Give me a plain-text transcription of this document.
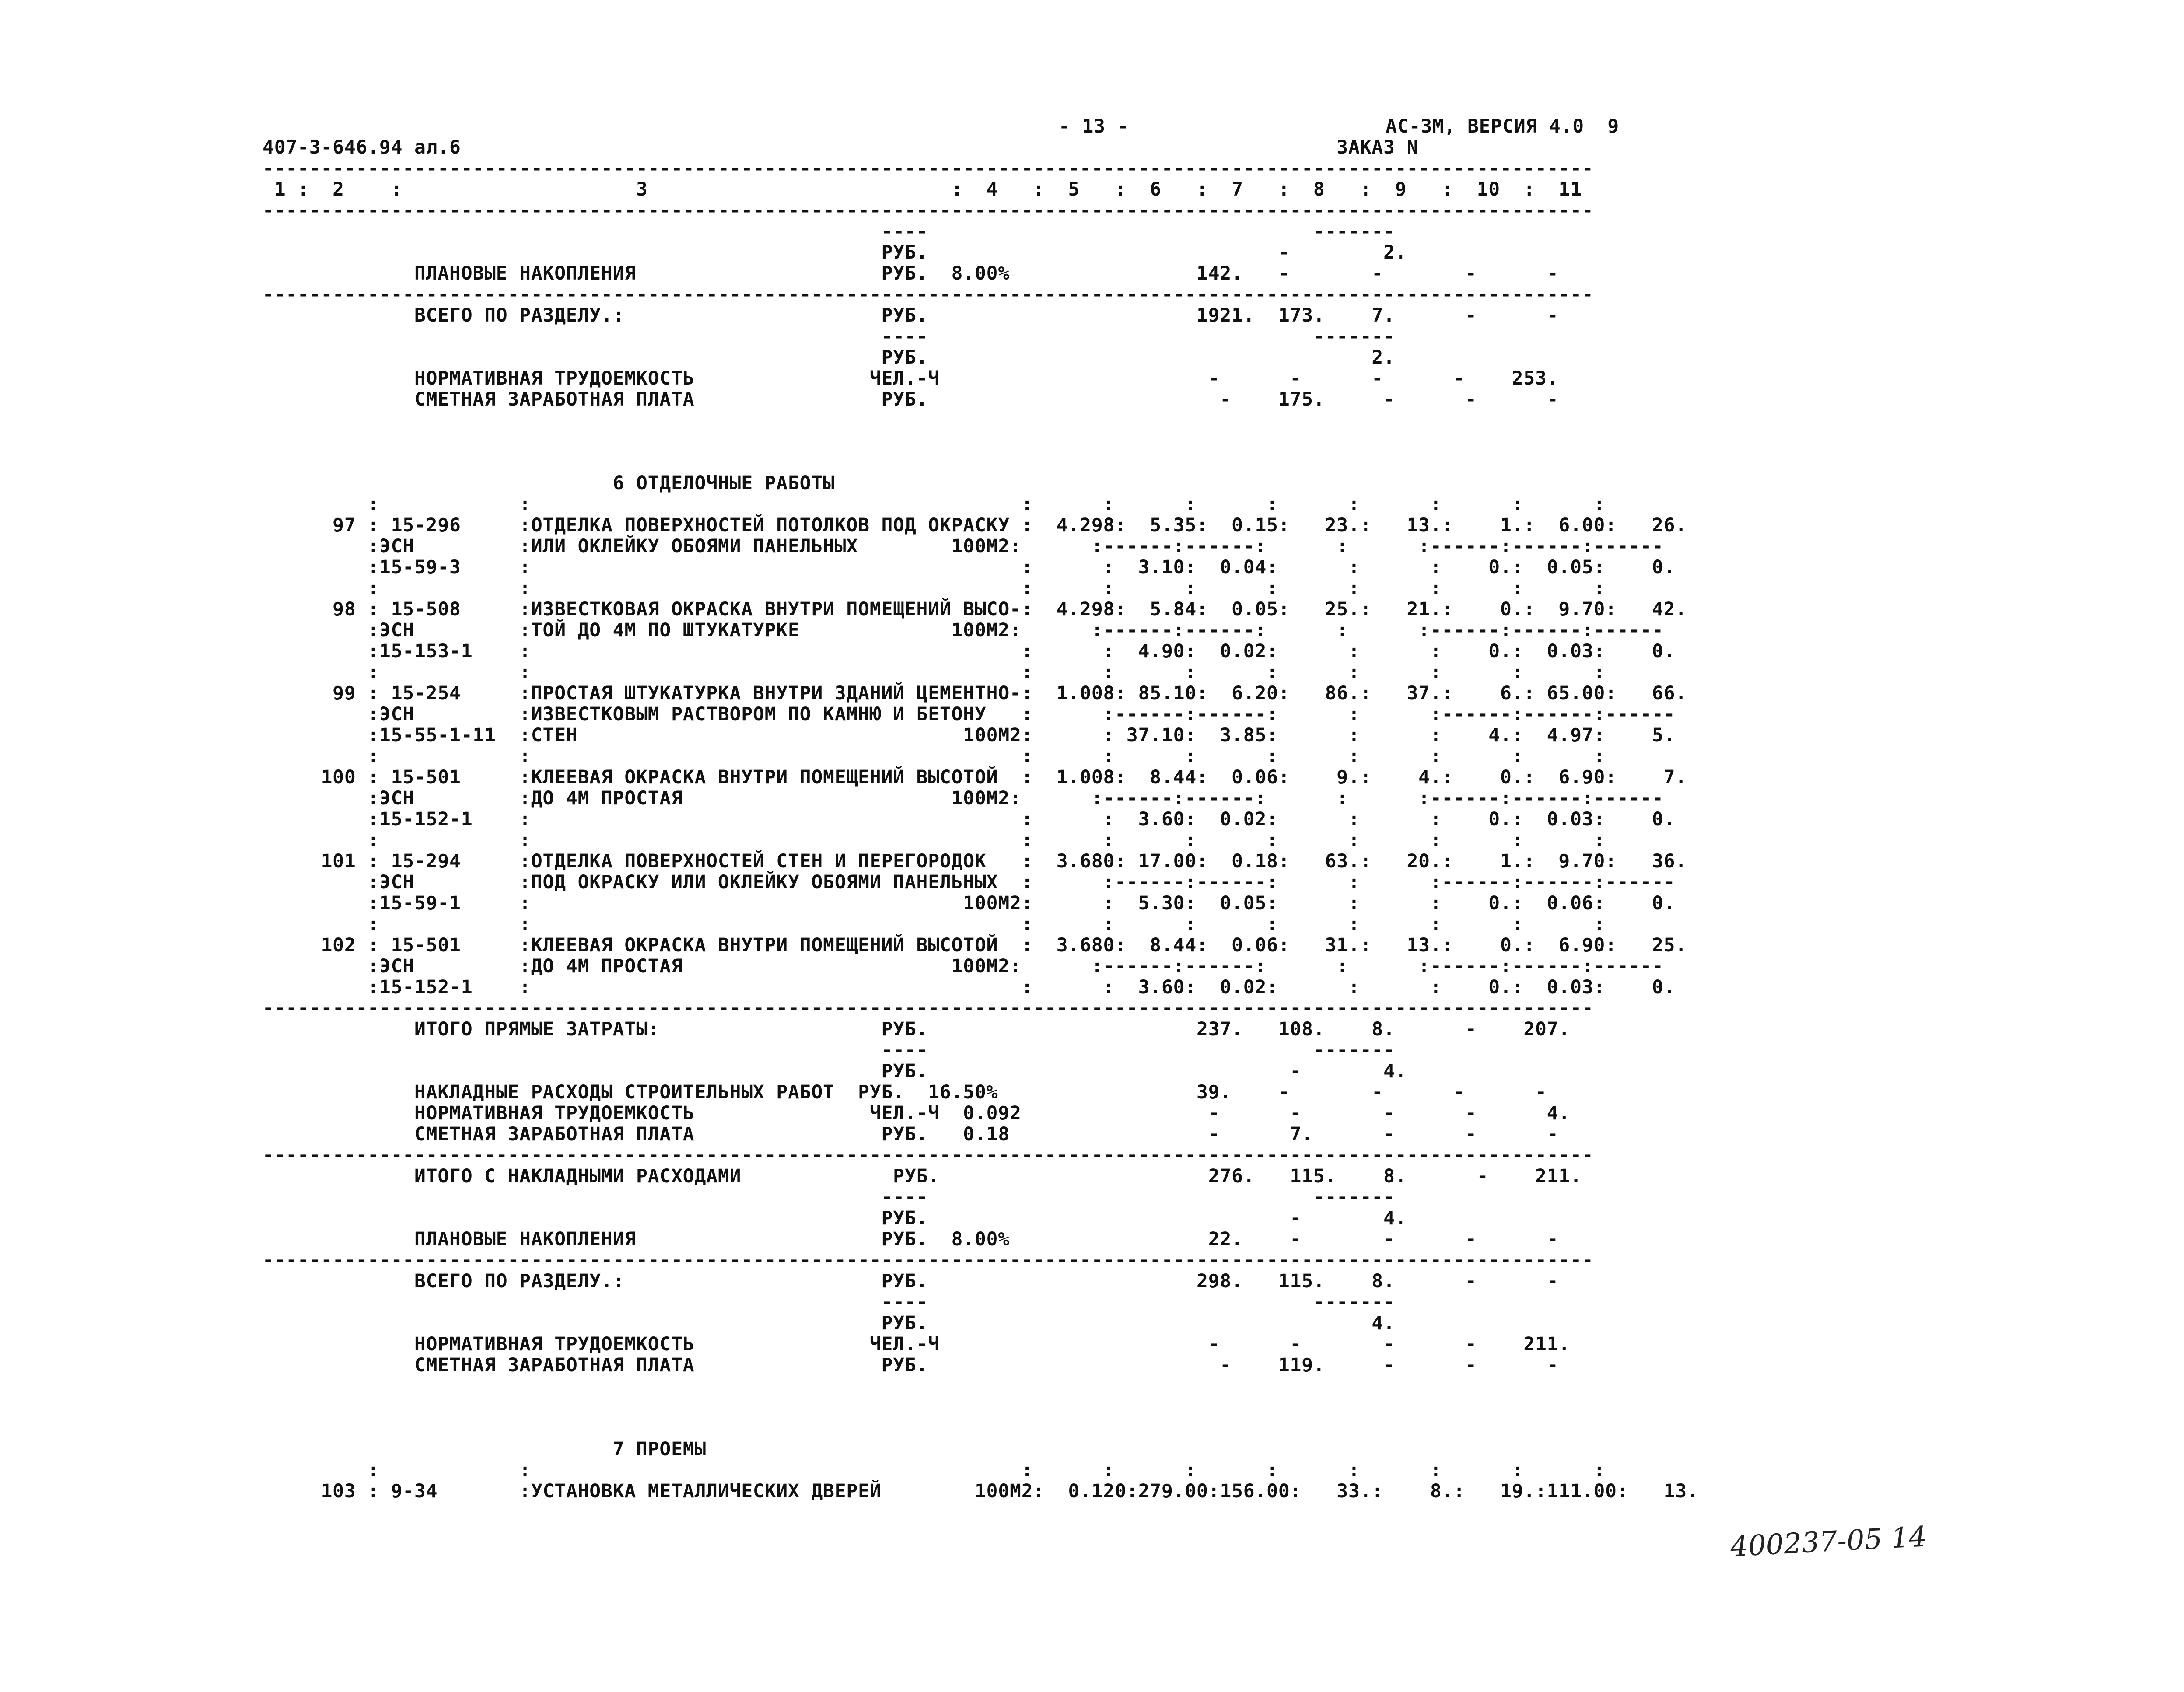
- 13 -                      АС-3М, ВЕРСИЯ 4.0  9
407-3-646.94 ал.6                                                                           ЗАКАЗ N
------------------------------------------------------------------------------------------------------------------
1 :  2    :                    3                          :  4   :  5   :  6   :  7   :  8   :  9   :  10  :  11
------------------------------------------------------------------------------------------------------------------
----                                 -------
РУБ.                              -        2.
ПЛАНОВЫЕ НАКОПЛЕНИЯ                     РУБ.  8.00%                142.   -       -       -      -
------------------------------------------------------------------------------------------------------------------
ВСЕГО ПО РАЗДЕЛУ.:                      РУБ.                       1921.  173.    7.      -      -
----                                 -------
РУБ.                                      2.
НОРМАТИВНАЯ ТРУДОЕМКОСТЬ               ЧЕЛ.-Ч                       -      -      -      -    253.
СМЕТНАЯ ЗАРАБОТНАЯ ПЛАТА                РУБ.                         -    175.     -      -      -
6 ОТДЕЛОЧНЫЕ РАБОТЫ
:            :                                          :      :      :      :      :      :      :      :
97 : 15-296     :ОТДЕЛКА ПОВЕРХНОСТЕЙ ПОТОЛКОВ ПОД ОКРАСКУ :  4.298:  5.35:  0.15:   23.:   13.:    1.:  6.00:   26.
:ЭСН         :ИЛИ ОКЛЕЙКУ ОБОЯМИ ПАНЕЛЬНЫХ        100М2:      :------:------:      :      :------:------:------
:15-59-3     :                                          :      :  3.10:  0.04:      :      :    0.:  0.05:    0.
:            :                                          :      :      :      :      :      :      :      :
98 : 15-508     :ИЗВЕСТКОВАЯ ОКРАСКА ВНУТРИ ПОМЕЩЕНИЙ ВЫСО-:  4.298:  5.84:  0.05:   25.:   21.:    0.:  9.70:   42.
:ЭСН         :ТОЙ ДО 4М ПО ШТУКАТУРКЕ             100М2:      :------:------:      :      :------:------:------
:15-153-1    :                                          :      :  4.90:  0.02:      :      :    0.:  0.03:    0.
:            :                                          :      :      :      :      :      :      :      :
99 : 15-254     :ПРОСТАЯ ШТУКАТУРКА ВНУТРИ ЗДАНИЙ ЦЕМЕНТНО-:  1.008: 85.10:  6.20:   86.:   37.:    6.: 65.00:   66.
:ЭСН         :ИЗВЕСТКОВЫМ РАСТВОРОМ ПО КАМНЮ И БЕТОНУ   :      :------:------:      :      :------:------:------
:15-55-1-11  :СТЕН                                 100М2:      : 37.10:  3.85:      :      :    4.:  4.97:    5.
:            :                                          :      :      :      :      :      :      :      :
100 : 15-501     :КЛЕЕВАЯ ОКРАСКА ВНУТРИ ПОМЕЩЕНИЙ ВЫСОТОЙ  :  1.008:  8.44:  0.06:    9.:    4.:    0.:  6.90:    7.
:ЭСН         :ДО 4М ПРОСТАЯ                       100М2:      :------:------:      :      :------:------:------
:15-152-1    :                                          :      :  3.60:  0.02:      :      :    0.:  0.03:    0.
:            :                                          :      :      :      :      :      :      :      :
101 : 15-294     :ОТДЕЛКА ПОВЕРХНОСТЕЙ СТЕН И ПЕРЕГОРОДОК   :  3.680: 17.00:  0.18:   63.:   20.:    1.:  9.70:   36.
:ЭСН         :ПОД ОКРАСКУ ИЛИ ОКЛЕЙКУ ОБОЯМИ ПАНЕЛЬНЫХ  :      :------:------:      :      :------:------:------
:15-59-1     :                                     100М2:      :  5.30:  0.05:      :      :    0.:  0.06:    0.
:            :                                          :      :      :      :      :      :      :      :
102 : 15-501     :КЛЕЕВАЯ ОКРАСКА ВНУТРИ ПОМЕЩЕНИЙ ВЫСОТОЙ  :  3.680:  8.44:  0.06:   31.:   13.:    0.:  6.90:   25.
:ЭСН         :ДО 4М ПРОСТАЯ                       100М2:      :------:------:      :      :------:------:------
:15-152-1    :                                          :      :  3.60:  0.02:      :      :    0.:  0.03:    0.
------------------------------------------------------------------------------------------------------------------
ИТОГО ПРЯМЫЕ ЗАТРАТЫ:                   РУБ.                       237.   108.    8.      -    207.
----                                 -------
РУБ.                               -       4.
НАКЛАДНЫЕ РАСХОДЫ СТРОИТЕЛЬНЫХ РАБОТ  РУБ.  16.50%                 39.    -       -      -      -
НОРМАТИВНАЯ ТРУДОЕМКОСТЬ               ЧЕЛ.-Ч  0.092                -      -       -      -      4.
СМЕТНАЯ ЗАРАБОТНАЯ ПЛАТА                РУБ.   0.18                 -      7.      -      -      -
------------------------------------------------------------------------------------------------------------------
ИТОГО С НАКЛАДНЫМИ РАСХОДАМИ             РУБ.                       276.   115.    8.      -    211.
----                                 -------
РУБ.                               -       4.
ПЛАНОВЫЕ НАКОПЛЕНИЯ                     РУБ.  8.00%                 22.    -       -      -      -
------------------------------------------------------------------------------------------------------------------
ВСЕГО ПО РАЗДЕЛУ.:                      РУБ.                       298.   115.    8.      -      -
----                                 -------
РУБ.                                      4.
НОРМАТИВНАЯ ТРУДОЕМКОСТЬ               ЧЕЛ.-Ч                       -      -       -      -    211.
СМЕТНАЯ ЗАРАБОТНАЯ ПЛАТА                РУБ.                         -    119.     -      -      -
7 ПРОЕМЫ
:            :                                          :      :      :      :      :      :      :      :
103 : 9-34       :УСТАНОВКА МЕТАЛЛИЧЕСКИХ ДВЕРЕЙ        100М2:  0.120:279.00:156.00:   33.:    8.:   19.:111.00:   13.
400237-05 14
